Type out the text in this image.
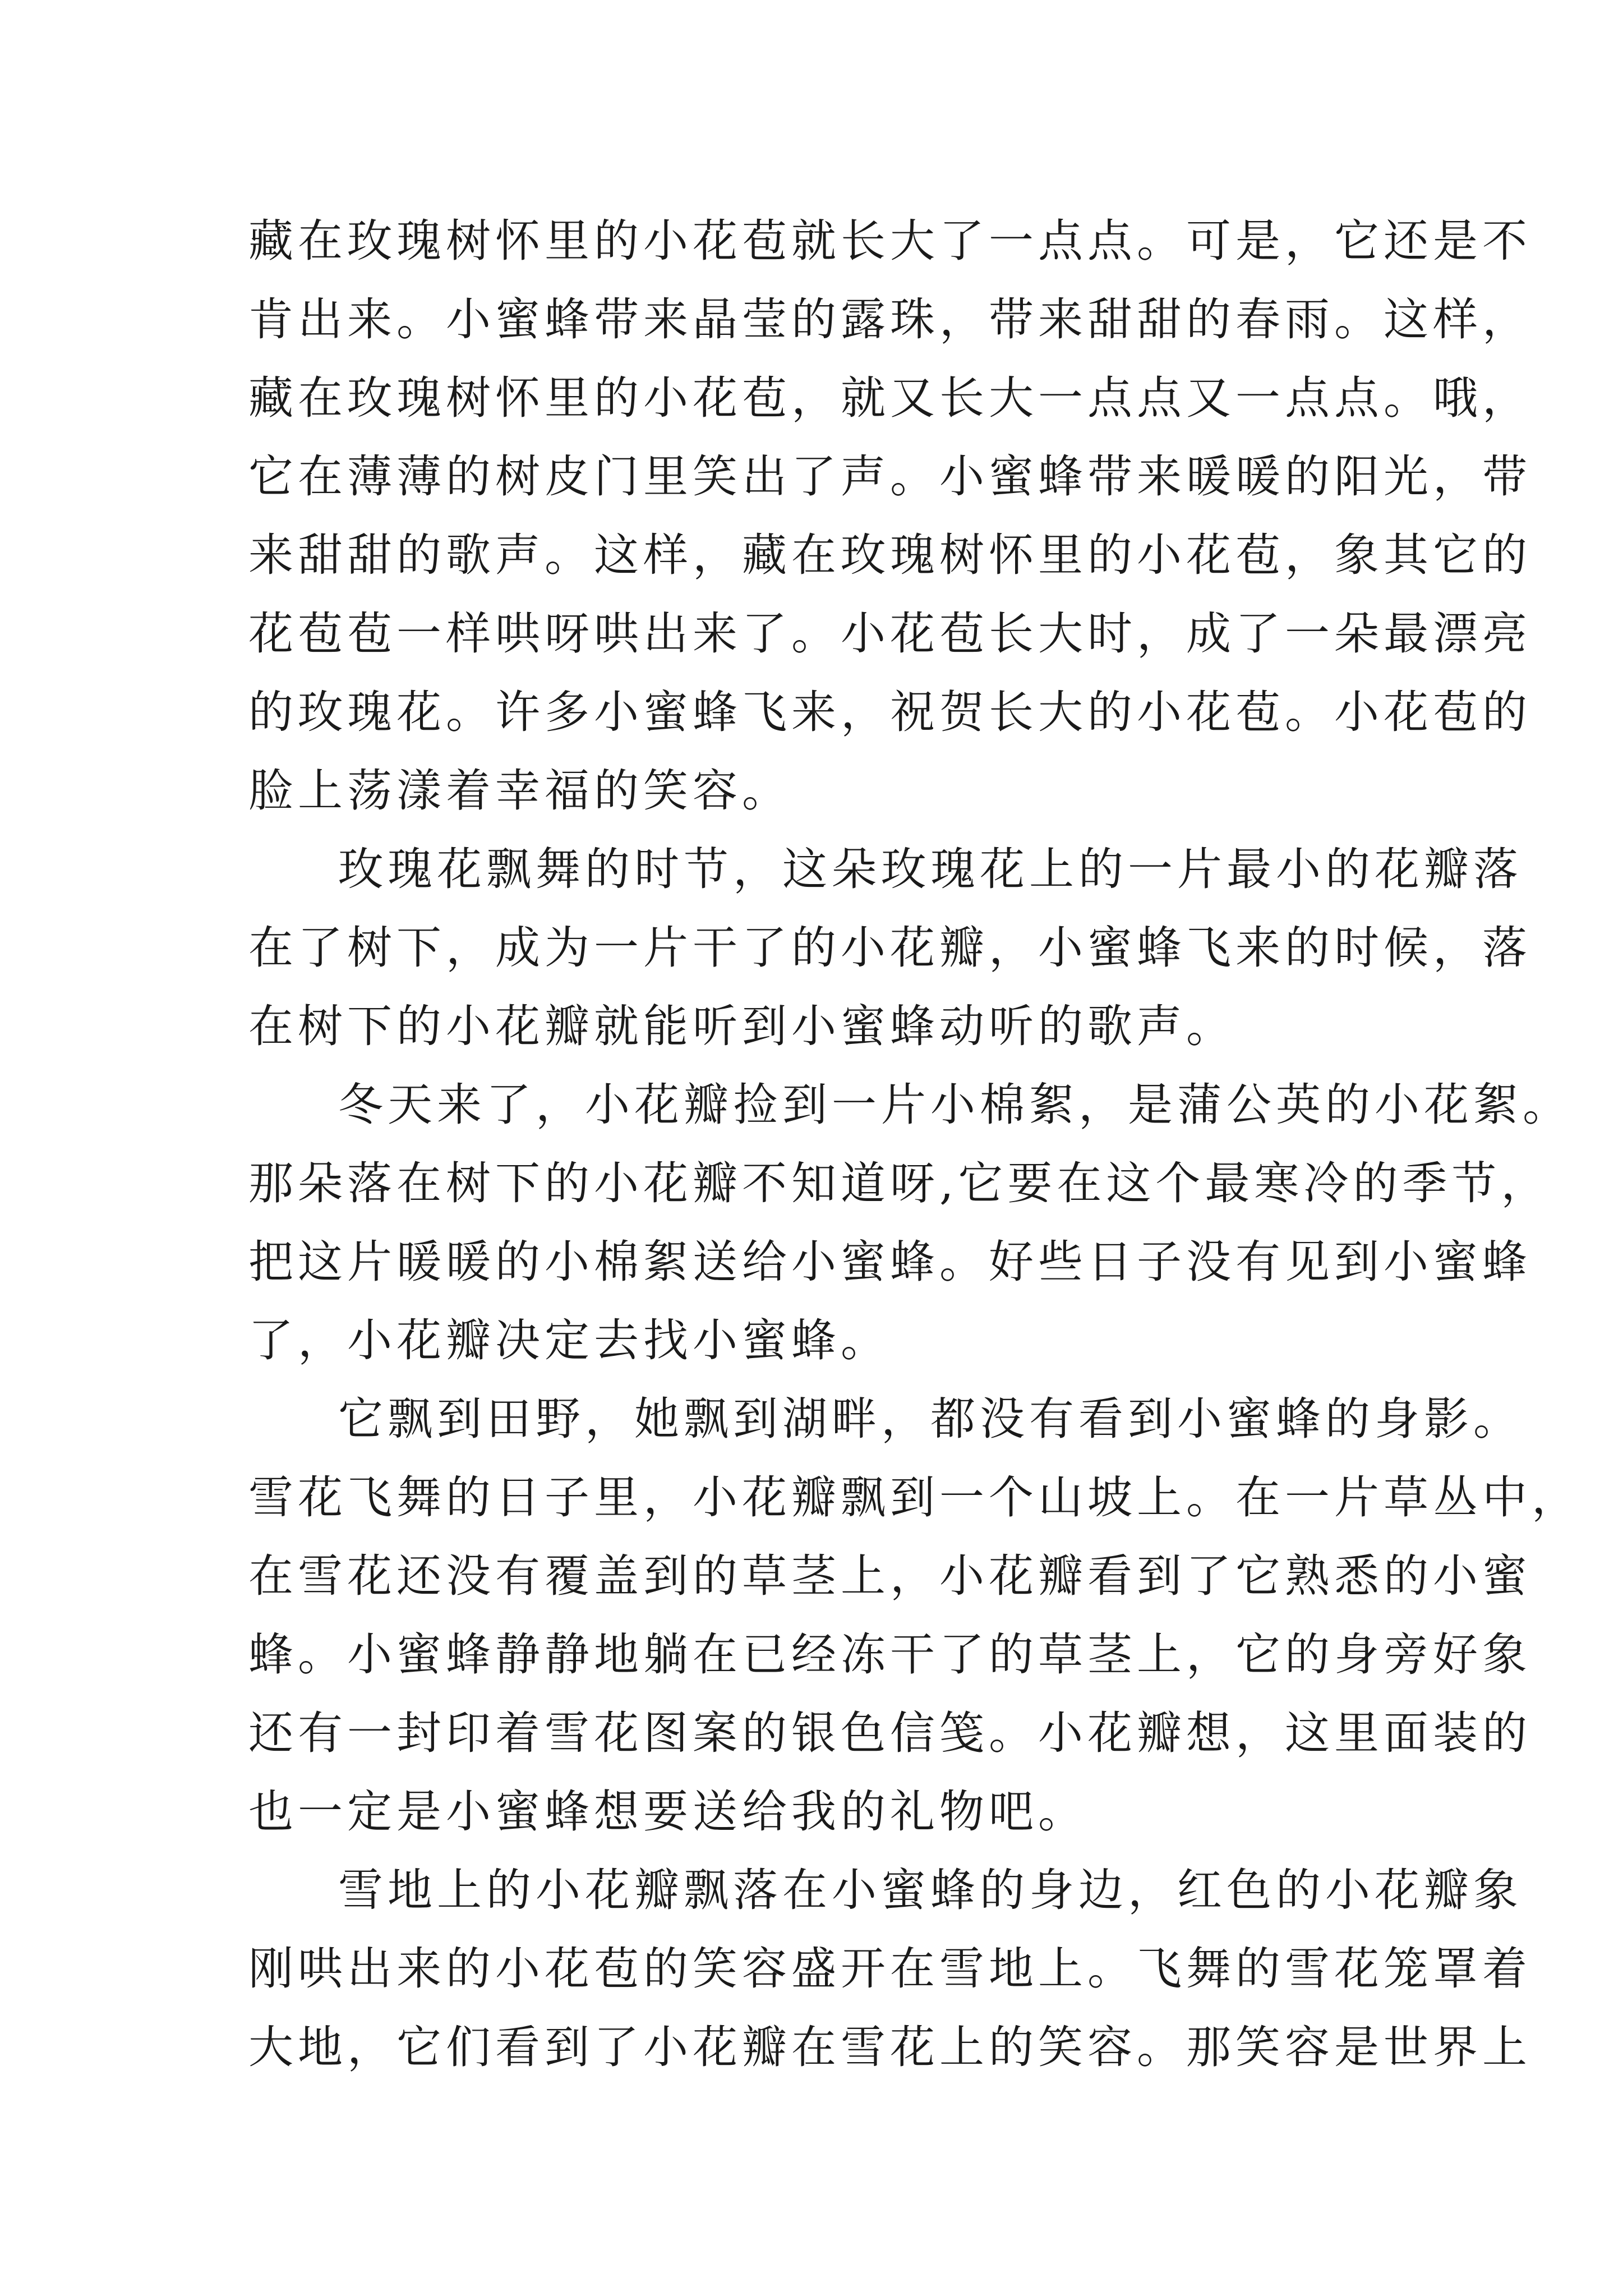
藏在玫瑰树怀里的小花苞就长大了一点点。可是，它还是不
肯出来。小蜜蜂带来晶莹的露珠，带来甜甜的春雨。这样，
藏在玫瑰树怀里的小花苞，就又长大一点点又一点点。哦，
它在薄薄的树皮门里笑出了声。小蜜蜂带来暖暖的阳光，带
来甜甜的歌声。这样，藏在玫瑰树怀里的小花苞，象其它的
花苞苞一样哄呀哄出来了。小花苞长大时，成了一朵最漂亮
的玫瑰花。许多小蜜蜂飞来，祝贺长大的小花苞。小花苞的
脸上荡漾着幸福的笑容。
玫瑰花飘舞的时节，这朵玫瑰花上的一片最小的花瓣落
在了树下，成为一片干了的小花瓣，小蜜蜂飞来的时候，落
在树下的小花瓣就能听到小蜜蜂动听的歌声。
冬天来了，小花瓣捡到一片小棉絮，是蒲公英的小花絮。
那朵落在树下的小花瓣不知道呀,它要在这个最寒冷的季节，
把这片暖暖的小棉絮送给小蜜蜂。好些日子没有见到小蜜蜂
了，小花瓣决定去找小蜜蜂。
它飘到田野，她飘到湖畔，都没有看到小蜜蜂的身影。
雪花飞舞的日子里，小花瓣飘到一个山坡上。在一片草丛中，
在雪花还没有覆盖到的草茎上，小花瓣看到了它熟悉的小蜜
蜂。小蜜蜂静静地躺在已经冻干了的草茎上，它的身旁好象
还有一封印着雪花图案的银色信笺。小花瓣想，这里面装的
也一定是小蜜蜂想要送给我的礼物吧。
雪地上的小花瓣飘落在小蜜蜂的身边，红色的小花瓣象
刚哄出来的小花苞的笑容盛开在雪地上。飞舞的雪花笼罩着
大地，它们看到了小花瓣在雪花上的笑容。那笑容是世界上
